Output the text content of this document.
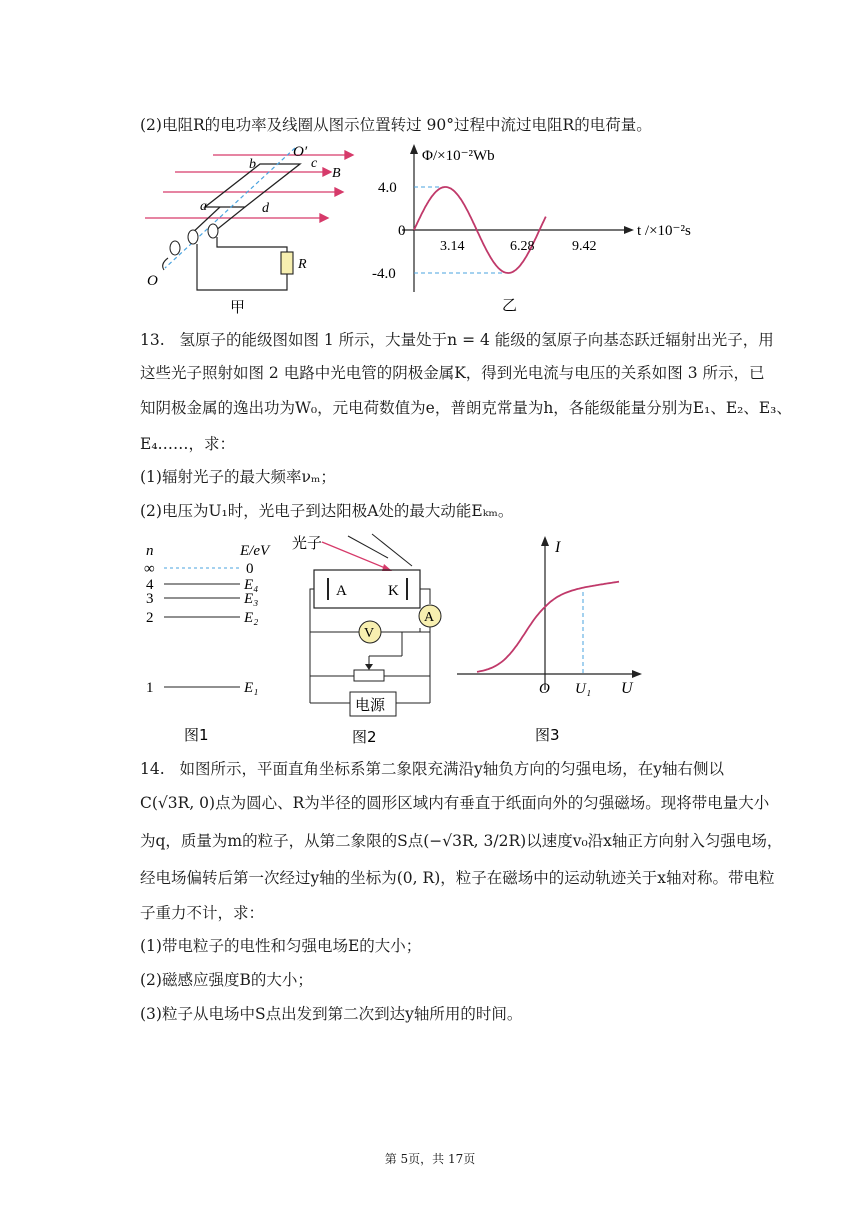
(2)电阻R的电功率及线圈从图示位置转过 90°过程中流过电阻R的电荷量。
O′
b	c
B
a	d
R
O
甲
Φ/×10⁻²Wb
t /×10⁻²s
4.0
0
-4.0
3.14	6.28	9.42
乙
13. 氢原子的能级图如图 1 所示，大量处于n = 4 能级的氢原子向基态跃迁辐射出光子，用
这些光子照射如图 2 电路中光电管的阴极金属K，得到光电流与电压的关系如图 3 所示，已
知阴极金属的逸出功为W₀，元电荷数值为e，普朗克常量为h，各能级能量分别为E₁、E₂、E₃、
E₄……，求：
(1)辐射光子的最大频率νₘ；
(2)电压为U₁时，光电子到达阳极A处的最大动能Eₖₘ。
n	E/eV
∞	0
4	E₄
3	E₃
2	E₂
1	E₁
图1
光子
A	K
A
V
电源
图2
I
U
O U₁
图3
14. 如图所示，平面直角坐标系第二象限充满沿y轴负方向的匀强电场，在y轴右侧以
C(√3R, 0)点为圆心、R为半径的圆形区域内有垂直于纸面向外的匀强磁场。现将带电量大小
为q，质量为m的粒子，从第二象限的S点(−√3R, 3/2R)以速度v₀沿x轴正方向射入匀强电场，
经电场偏转后第一次经过y轴的坐标为(0, R)，粒子在磁场中的运动轨迹关于x轴对称。带电粒
子重力不计，求：
(1)带电粒子的电性和匀强电场E的大小；
(2)磁感应强度B的大小；
(3)粒子从电场中S点出发到第二次到达y轴所用的时间。
第 5页，共 17页
